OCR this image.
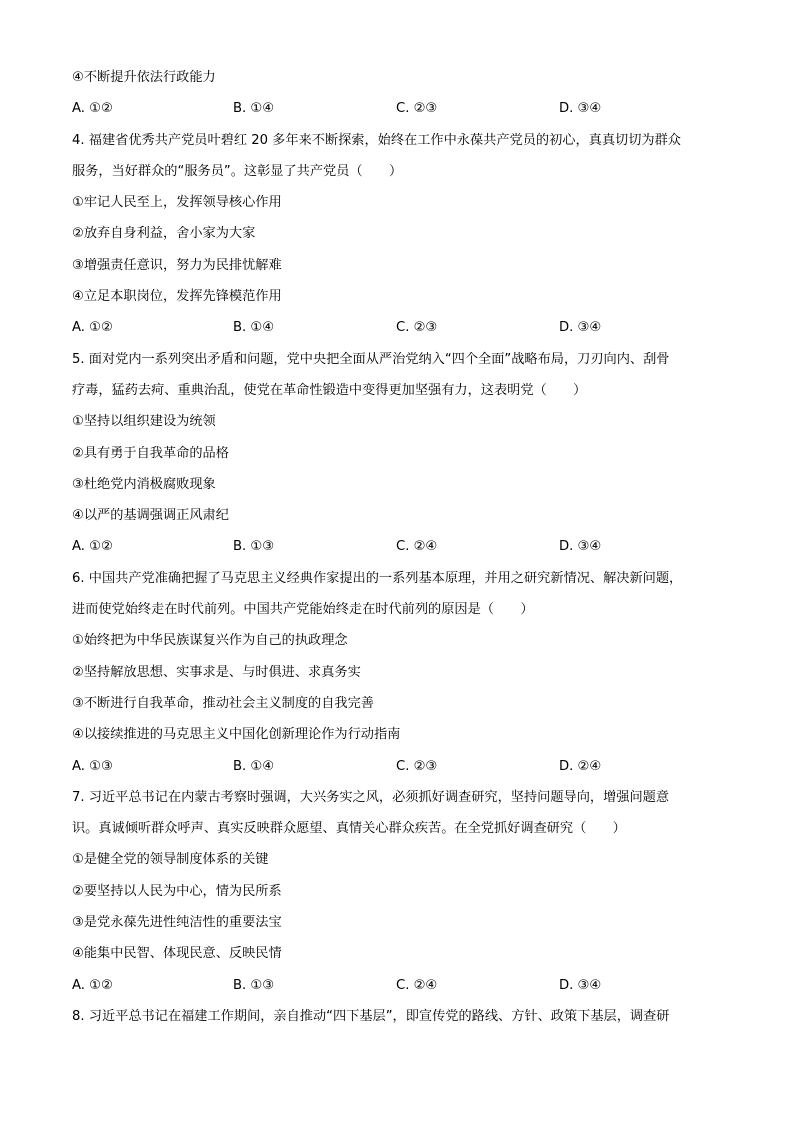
④不断提升依法行政能力
A. ①②	B. ①④	C. ②③	D. ③④
4. 福建省优秀共产党员叶碧红 20 多年来不断探索，始终在工作中永葆共产党员的初心，真真切切为群众
服务，当好群众的“服务员”。这彰显了共产党员（　　）
①牢记人民至上，发挥领导核心作用
②放弃自身利益，舍小家为大家
③增强责任意识，努力为民排忧解难
④立足本职岗位，发挥先锋模范作用
A. ①②	B. ①④	C. ②③	D. ③④
5. 面对党内一系列突出矛盾和问题，党中央把全面从严治党纳入“四个全面”战略布局，刀刃向内、刮骨
疗毒，猛药去疴、重典治乱，使党在革命性锻造中变得更加坚强有力，这表明党（　　）
①坚持以组织建设为统领
②具有勇于自我革命的品格
③杜绝党内消极腐败现象
④以严的基调强调正风肃纪
A. ①②	B. ①③	C. ②④	D. ③④
6. 中国共产党准确把握了马克思主义经典作家提出的一系列基本原理，并用之研究新情况、解决新问题，
进而使党始终走在时代前列。中国共产党能始终走在时代前列的原因是（　　）
①始终把为中华民族谋复兴作为自己的执政理念
②坚持解放思想、实事求是、与时俱进、求真务实
③不断进行自我革命，推动社会主义制度的自我完善
④以接续推进的马克思主义中国化创新理论作为行动指南
A. ①③	B. ①④	C. ②③	D. ②④
7. 习近平总书记在内蒙古考察时强调，大兴务实之风，必须抓好调查研究，坚持问题导向，增强问题意
识。真诚倾听群众呼声、真实反映群众愿望、真情关心群众疾苦。在全党抓好调查研究（　　）
①是健全党的领导制度体系的关键
②要坚持以人民为中心，情为民所系
③是党永葆先进性纯洁性的重要法宝
④能集中民智、体现民意、反映民情
A. ①②	B. ①③	C. ②④	D. ③④
8. 习近平总书记在福建工作期间，亲自推动“四下基层”，即宣传党的路线、方针、政策下基层，调查研
